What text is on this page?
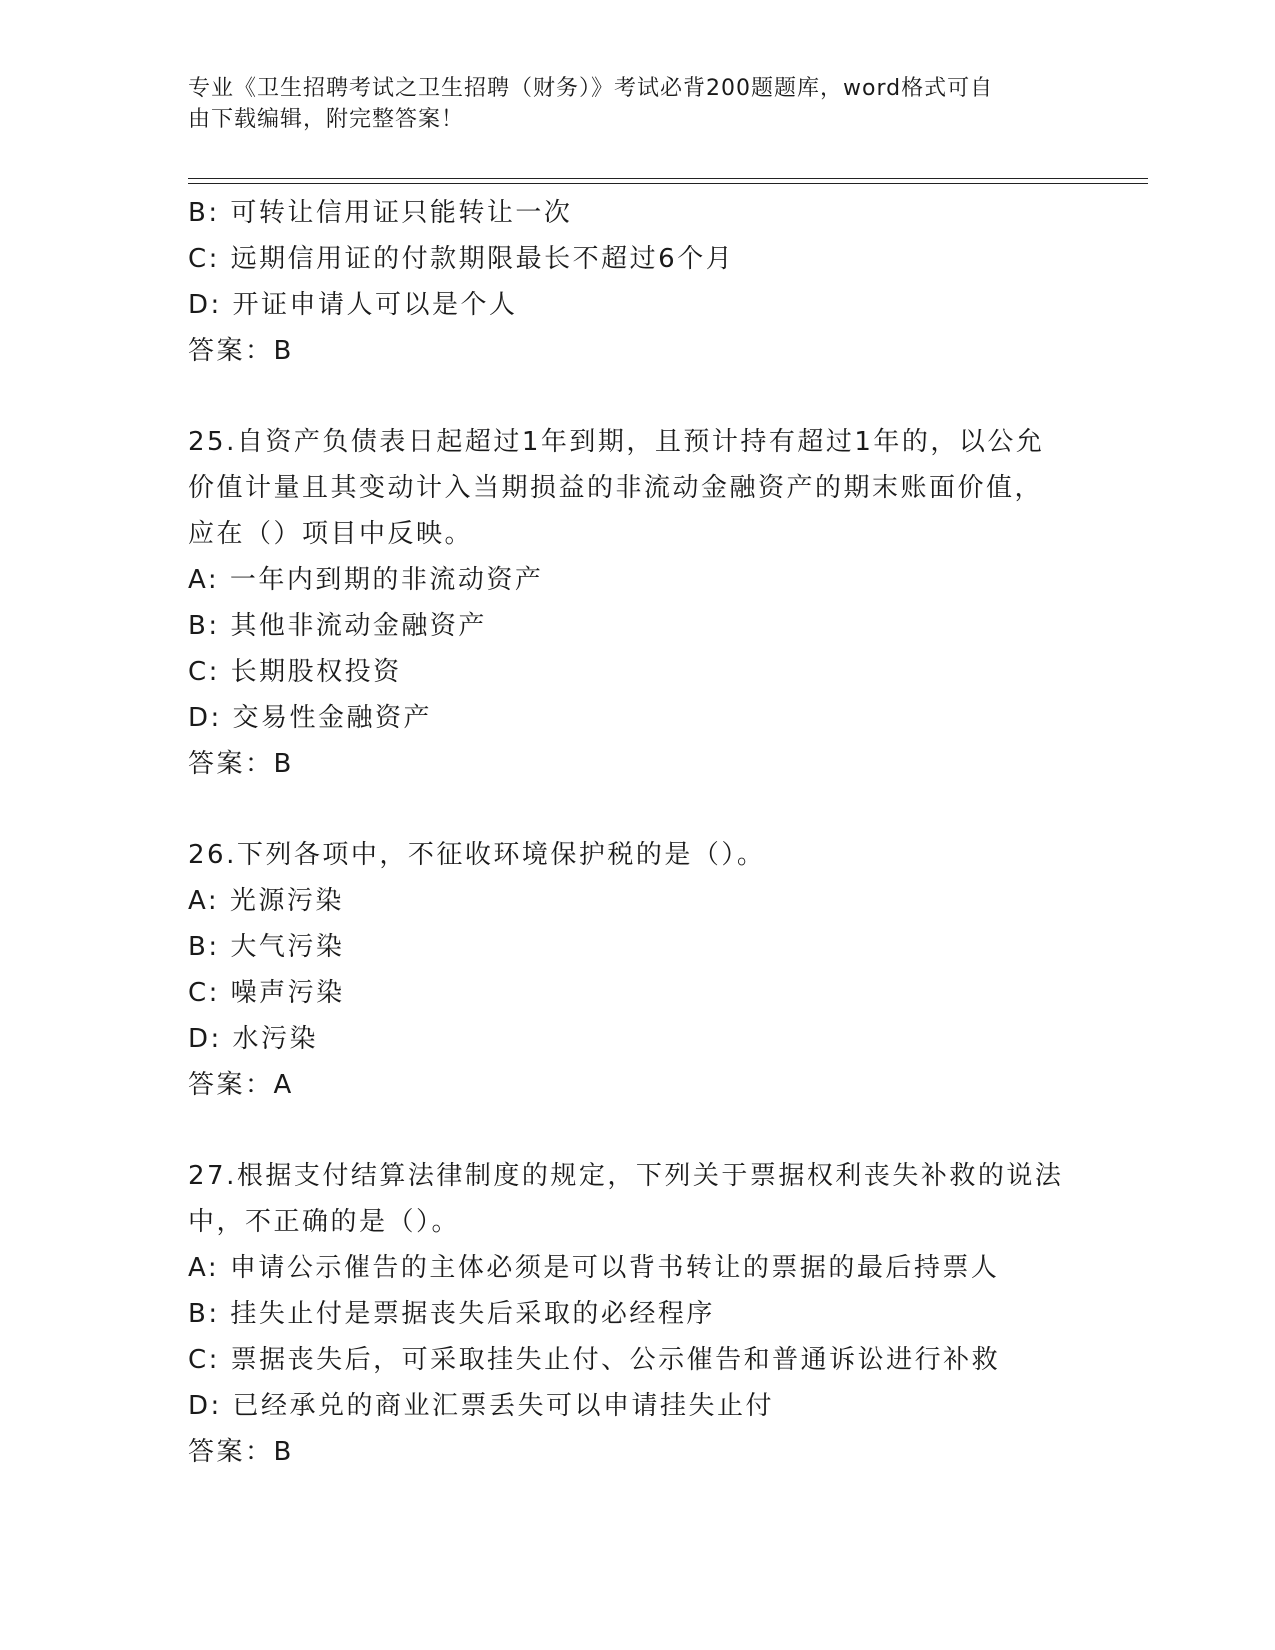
专业《卫生招聘考试之卫生招聘（财务）》考试必背200题题库，word格式可自
由下载编辑，附完整答案！
B: 可转让信用证只能转让一次
C: 远期信用证的付款期限最长不超过6个月
D: 开证申请人可以是个人
答案：B
25.自资产负债表日起超过1年到期，且预计持有超过1年的，以公允
价值计量且其变动计入当期损益的非流动金融资产的期末账面价值，
应在（）项目中反映。
A: 一年内到期的非流动资产
B: 其他非流动金融资产
C: 长期股权投资
D: 交易性金融资产
答案：B
26.下列各项中，不征收环境保护税的是（）。
A: 光源污染
B: 大气污染
C: 噪声污染
D: 水污染
答案：A
27.根据支付结算法律制度的规定，下列关于票据权利丧失补救的说法
中，不正确的是（）。
A: 申请公示催告的主体必须是可以背书转让的票据的最后持票人
B: 挂失止付是票据丧失后采取的必经程序
C: 票据丧失后，可采取挂失止付、公示催告和普通诉讼进行补救
D: 已经承兑的商业汇票丢失可以申请挂失止付
答案：B
